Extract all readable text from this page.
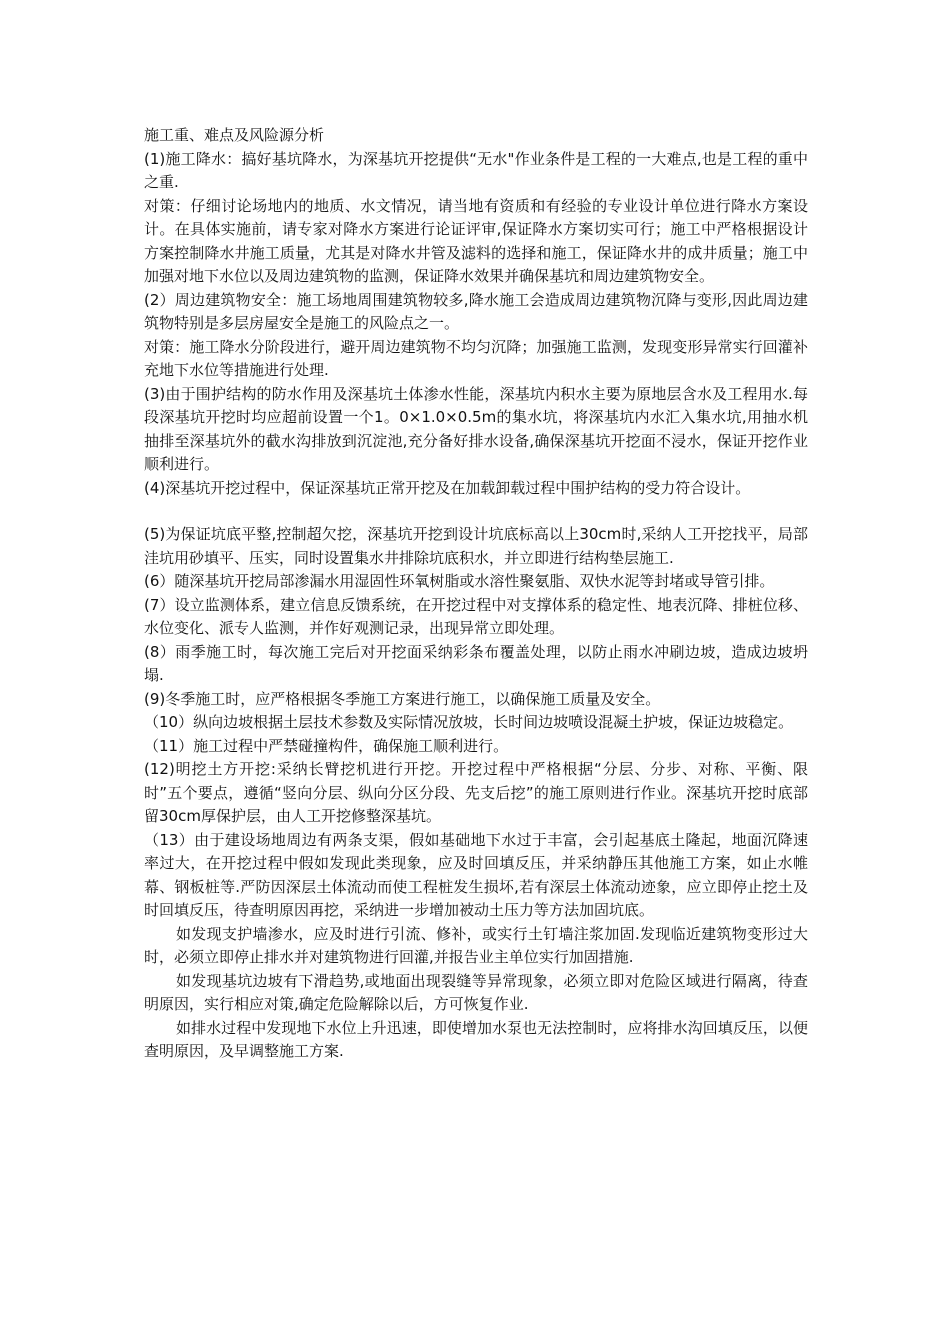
施工重、难点及风险源分析

(1)施工降水：搞好基坑降水，为深基坑开挖提供“无水"作业条件是工程的一大难点,也是工程的重中之重.

对策：仔细讨论场地内的地质、水文情况，请当地有资质和有经验的专业设计单位进行降水方案设计。在具体实施前，请专家对降水方案进行论证评审,保证降水方案切实可行；施工中严格根据设计方案控制降水井施工质量，尤其是对降水井管及滤料的选择和施工，保证降水井的成井质量；施工中加强对地下水位以及周边建筑物的监测，保证降水效果并确保基坑和周边建筑物安全。

(2）周边建筑物安全：施工场地周围建筑物较多,降水施工会造成周边建筑物沉降与变形,因此周边建筑物特别是多层房屋安全是施工的风险点之一。

对策：施工降水分阶段进行，避开周边建筑物不均匀沉降；加强施工监测，发现变形异常实行回灌补充地下水位等措施进行处理.

(3)由于围护结构的防水作用及深基坑土体渗水性能，深基坑内积水主要为原地层含水及工程用水.每段深基坑开挖时均应超前设置一个1。0×1.0×0.5m的集水坑，将深基坑内水汇入集水坑,用抽水机抽排至深基坑外的截水沟排放到沉淀池,充分备好排水设备,确保深基坑开挖面不浸水，保证开挖作业顺利进行。

(4)深基坑开挖过程中，保证深基坑正常开挖及在加载卸载过程中围护结构的受力符合设计。

(5)为保证坑底平整,控制超欠挖，深基坑开挖到设计坑底标高以上30cm时,采纳人工开挖找平，局部洼坑用砂填平、压实，同时设置集水井排除坑底积水，并立即进行结构垫层施工.

(6）随深基坑开挖局部渗漏水用湿固性环氧树脂或水溶性聚氨脂、双快水泥等封堵或导管引排。

(7）设立监测体系，建立信息反馈系统，在开挖过程中对支撑体系的稳定性、地表沉降、排桩位移、水位变化、派专人监测，并作好观测记录，出现异常立即处理。

(8）雨季施工时，每次施工完后对开挖面采纳彩条布覆盖处理，以防止雨水冲刷边坡，造成边坡坍塌.

(9)冬季施工时，应严格根据冬季施工方案进行施工，以确保施工质量及安全。

（10）纵向边坡根据土层技术参数及实际情况放坡，长时间边坡喷设混凝土护坡，保证边坡稳定。

（11）施工过程中严禁碰撞构件，确保施工顺利进行。

(12)明挖土方开挖:采纳长臂挖机进行开挖。开挖过程中严格根据“分层、分步、对称、平衡、限时”五个要点，遵循“竖向分层、纵向分区分段、先支后挖”的施工原则进行作业。深基坑开挖时底部留30cm厚保护层，由人工开挖修整深基坑。

（13）由于建设场地周边有两条支渠，假如基础地下水过于丰富，会引起基底土隆起，地面沉降速率过大，在开挖过程中假如发现此类现象，应及时回填反压，并采纳静压其他施工方案，如止水帷幕、钢板桩等.严防因深层土体流动而使工程桩发生损坏,若有深层土体流动迹象，应立即停止挖土及时回填反压，待查明原因再挖，采纳进一步增加被动土压力等方法加固坑底。

如发现支护墙渗水，应及时进行引流、修补，或实行土钉墙注浆加固.发现临近建筑物变形过大时，必须立即停止排水并对建筑物进行回灌,并报告业主单位实行加固措施.

如发现基坑边坡有下滑趋势,或地面出现裂缝等异常现象，必须立即对危险区域进行隔离，待查明原因，实行相应对策,确定危险解除以后，方可恢复作业.

如排水过程中发现地下水位上升迅速，即使增加水泵也无法控制时，应将排水沟回填反压，以便查明原因，及早调整施工方案.
